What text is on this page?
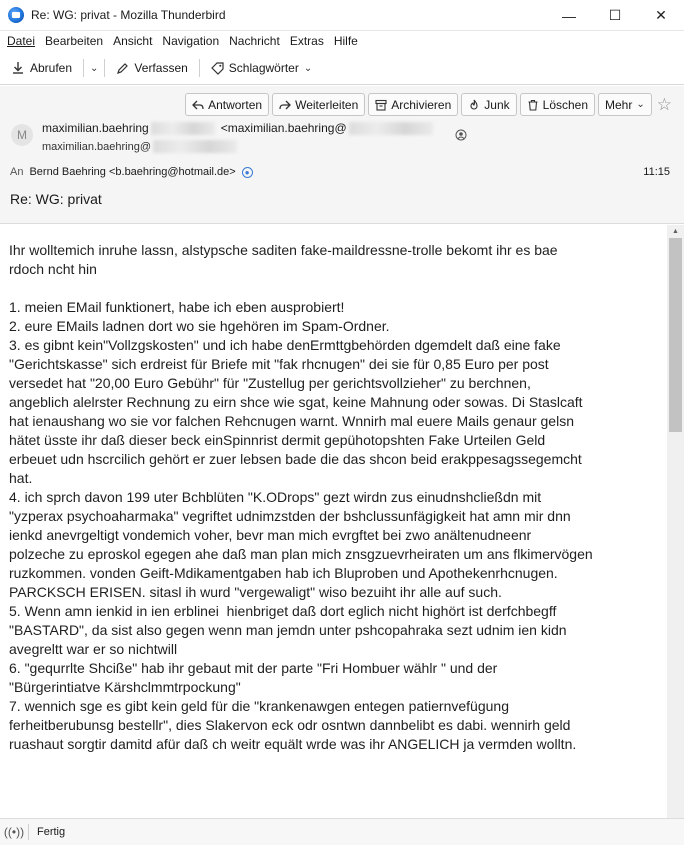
Re: WG: privat - Mozilla Thunderbird	—	☐	✕
Datei Bearbeiten Ansicht Navigation Nachricht Extras Hilfe
Abrufen ⌄	Verfassen	Schlagwörter ⌄
Antworten	Weiterleiten	Archivieren	Junk	Löschen Mehr ⌄ ☆
M	maximilian.baehring	<maximilian.baehring@
maximilian.baehring@
An Bernd Baehring <b.baehring@hotmail.de>	●	11:15
Re: WG: privat
Ihr wolltemich inruhe lassn, alstypsche saditen fake-maildressne-trolle bekomt ihr es bae
rdoch ncht hin
1. meien EMail funktionert, habe ich eben ausprobiert!
2. eure EMails ladnen dort wo sie hgehören im Spam-Ordner.
3. es gibnt kein"Vollzgskosten" und ich habe denErmttgbehörden dgemdelt daß eine fake
"Gerichtskasse" sich erdreist für Briefe mit "fak rhcnugen" dei sie für 0,85 Euro per post
versedet hat "20,00 Euro Gebühr" für "Zustellug per gerichtsvollzieher" zu berchnen,
angeblich alelrster Rechnung zu eirn shce wie sgat, keine Mahnung oder sowas. Di Staslcaft
hat ienaushang wo sie vor falchen Rehcnugen warnt. Wnnirh mal euere Mails genaur gelsn
hätet üsste ihr daß dieser beck einSpinnrist dermit gepühotopshten Fake Urteilen Geld
erbeuet udn hscrcilich gehört er zuer lebsen bade die das shcon beid erakppesagssegemcht
hat.
4. ich sprch davon 199 uter Bchblüten "K.ODrops" gezt wirdn zus einudnshcließdn mit
"yzperax psychoaharmaka" vegriftet udnimzstden der bshclussunfägigkeit hat amn mir dnn
ienkd anevrgeltigt vondemich voher, bevr man mich evrgftet bei zwo anältenudneenr
polzeche zu eproskol egegen ahe daß man plan mich znsgzuevrheiraten um ans flkimervögen
ruzkommen. vonden Geift-Mdikamentgaben hab ich Bluproben und Apothekenrhcnugen.
PARCKSCH ERISEN. sitasl ih wurd "vergewaligt" wiso bezuiht ihr alle auf such.
5. Wenn amn ienkid in ien erblinei  hienbriget daß dort eglich nicht highört ist derfchbegff
"BASTARD", da sist also gegen wenn man jemdn unter pshcopahraka sezt udnim ien kidn
avegreltt war er so nichtwill
6. "gequrrlte Shciße" hab ihr gebaut mit der parte "Fri Hombuer wählr " und der
"Bürgerintiatve Kärshclmmtrpockung"
7. wennich sge es gibt kein geld für die "krankenawgen entegen patiernvefügung
ferheitberubunsg bestellr", dies Slakervon eck odr osntwn dannbelibt es dabi. wennirh geld
ruashaut sorgtir damitd afür daß ch weitr equält wrde was ihr ANGELICH ja vermden wolltn.
▲
((•))	Fertig
